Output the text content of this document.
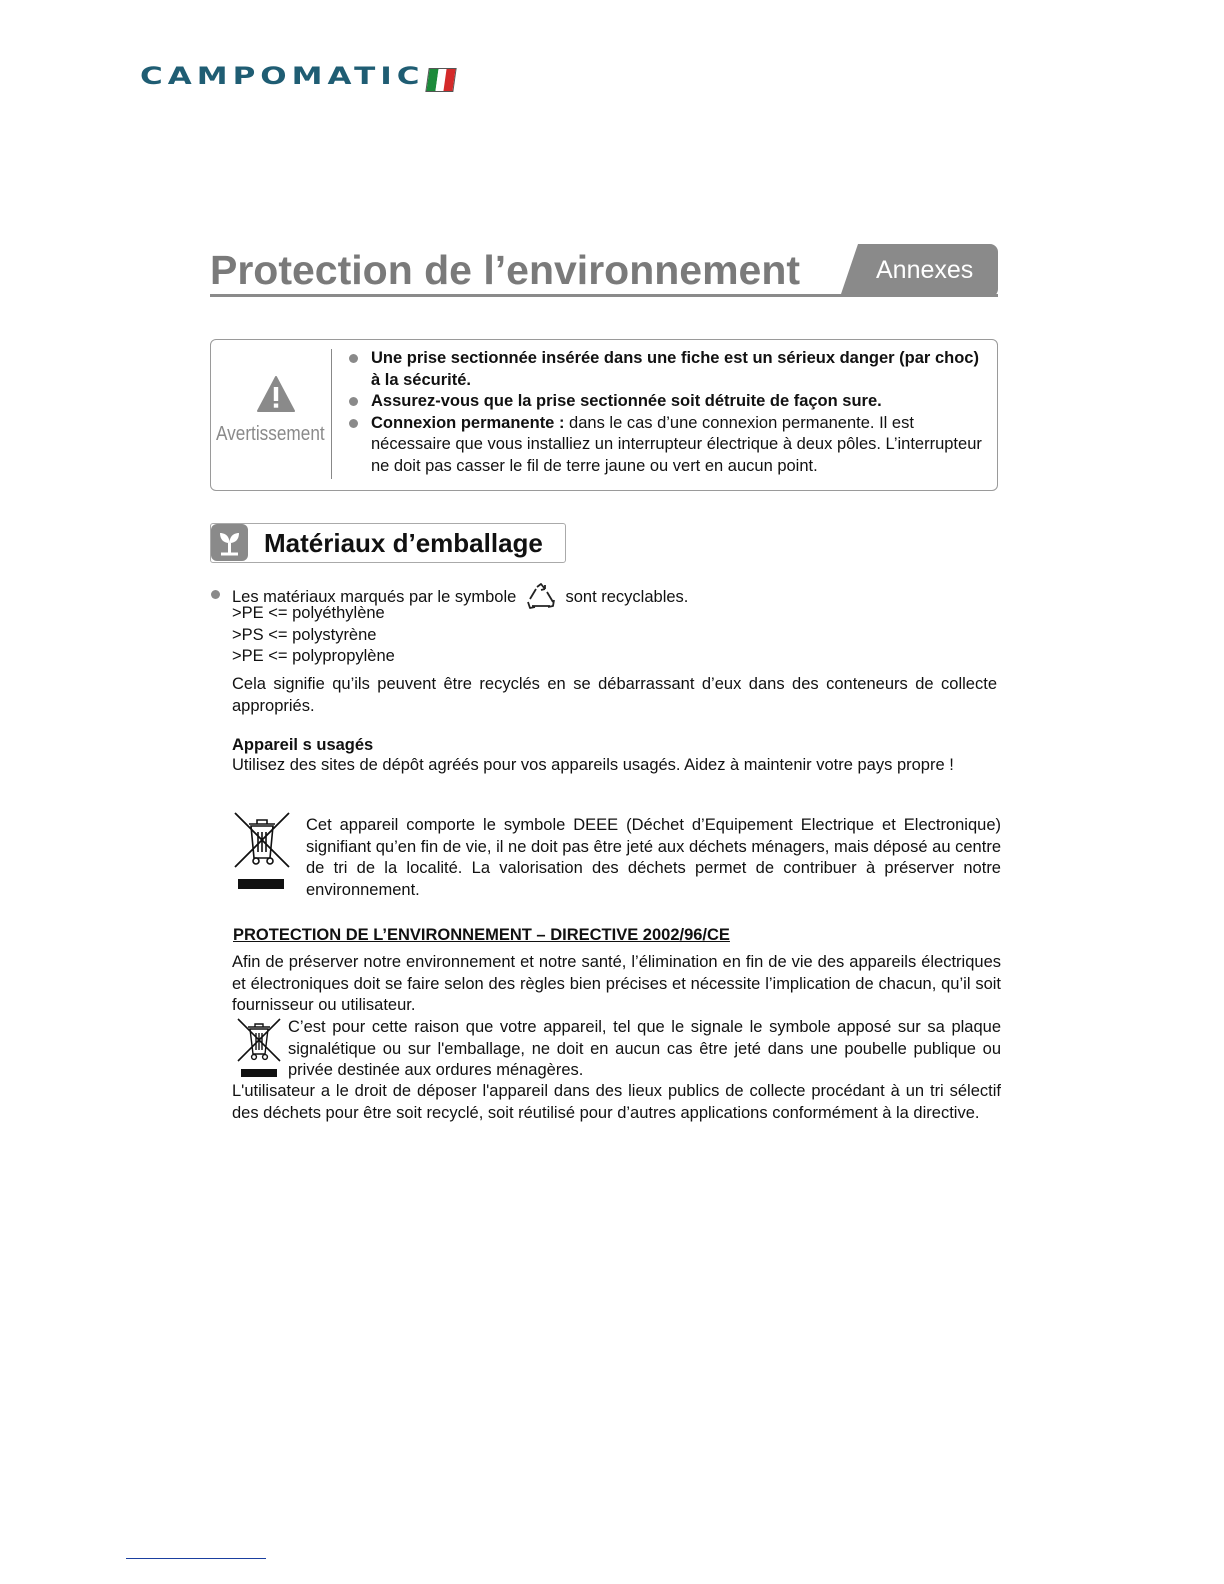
CAMPOMATIC
Protection de l’environnement	Annexes
Avertissement
Une prise sectionnée insérée dans une fiche est un sérieux danger (par choc) à la sécurité.
Assurez-vous que la prise sectionnée soit détruite de façon sure.
Connexion permanente : dans le cas d’une connexion permanente. Il est nécessaire que vous installiez un interrupteur électrique à deux pôles. L’interrupteur ne doit pas casser le fil de terre jaune ou vert en aucun point.
Matériaux d’emballage
Les matériaux marqués par le symbole	sont recyclables.
>PE <= polyéthylène
>PS <= polystyrène
>PE <= polypropylène
Cela signifie qu’ils peuvent être recyclés en se débarrassant d’eux dans des conteneurs de collecte appropriés.
Appareil s usagés
Utilisez des sites de dépôt agréés pour vos appareils usagés. Aidez à maintenir votre pays propre !
Cet appareil comporte le symbole DEEE (Déchet d’Equipement Electrique et Electronique) signifiant qu’en fin de vie, il ne doit pas être jeté aux déchets ménagers, mais déposé au centre de tri de la localité. La valorisation des déchets permet de contribuer à préserver notre environnement.
PROTECTION DE L’ENVIRONNEMENT – DIRECTIVE 2002/96/CE
Afin de préserver notre environnement et notre santé, l’élimination en fin de vie des appareils électriques et électroniques doit se faire selon des règles bien précises et nécessite l’implication de chacun, qu’il soit fournisseur ou utilisateur.
C’est pour cette raison que votre appareil, tel que le signale le symbole apposé sur sa plaque signalétique ou sur l'emballage, ne doit en aucun cas être jeté dans une poubelle publique ou privée destinée aux ordures ménagères.
L'utilisateur a le droit de déposer l'appareil dans des lieux publics de collecte procédant à un tri sélectif des déchets pour être soit recyclé, soit réutilisé pour d’autres applications conformément à la directive.
